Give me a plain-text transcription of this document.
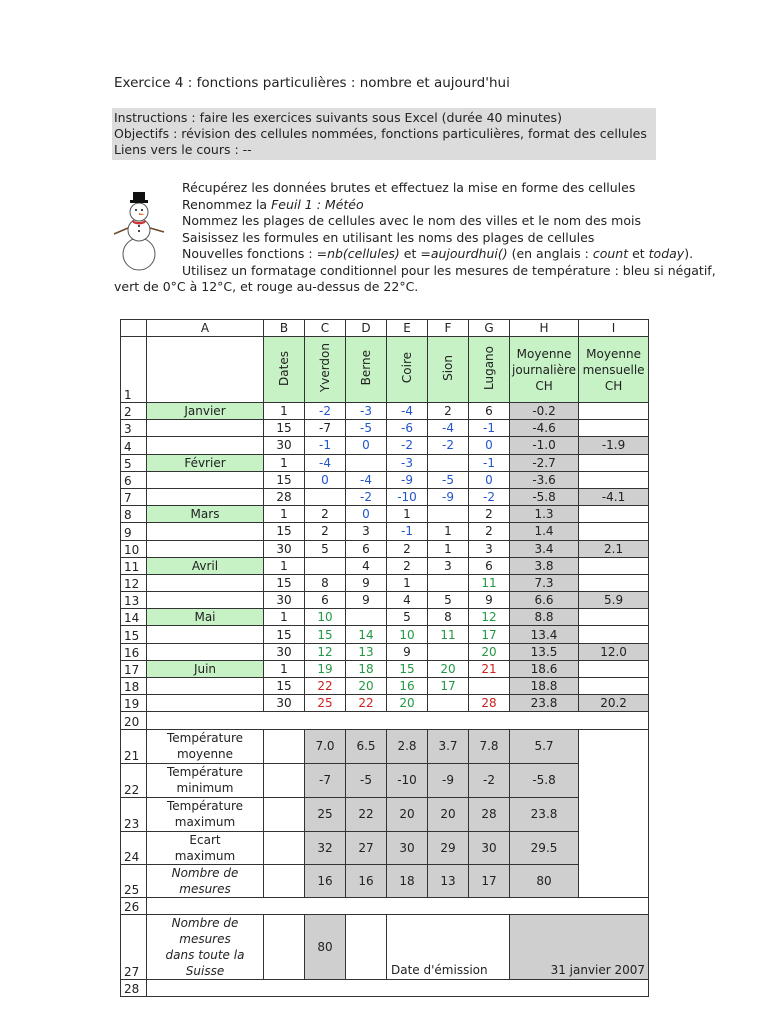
Exercice 4 : fonctions particulières : nombre et aujourd'hui
Instructions : faire les exercices suivants sous Excel (durée 40 minutes)
Objectifs : révision des cellules nommées, fonctions particulières, format des cellules
Liens vers le cours : --
Récupérez les données brutes et effectuez la mise en forme des cellules
Renommez la Feuil 1 : Météo
Nommez les plages de cellules avec le nom des villes et le nom des mois
Saisissez les formules en utilisant les noms des plages de cellules
Nouvelles fonctions : =nb(cellules) et =aujourdhui() (en anglais : count et today).
Utilisez un formatage conditionnel pour les mesures de température : bleu si négatif,
vert de 0°C à 12°C, et rouge au-dessus de 22°C.
	A	B	C	D	E	F	G	H	I
1		Dates	Yverdon	Berne	Coire	Sion	Lugano	Moyenne journalière CH	Moyenne mensuelle CH
2	Janvier	1	-2	-3	-4	2	6	-0.2	
3		15	-7	-5	-6	-4	-1	-4.6	
4		30	-1	0	-2	-2	0	-1.0	-1.9
5	Février	1	-4		-3		-1	-2.7	
6		15	0	-4	-9	-5	0	-3.6	
7		28		-2	-10	-9	-2	-5.8	-4.1
8	Mars	1	2	0	1		2	1.3	
9		15	2	3	-1	1	2	1.4	
10		30	5	6	2	1	3	3.4	2.1
11	Avril	1		4	2	3	6	3.8	
12		15	8	9	1		11	7.3	
13		30	6	9	4	5	9	6.6	5.9
14	Mai	1	10		5	8	12	8.8	
15		15	15	14	10	11	17	13.4	
16		30	12	13	9		20	13.5	12.0
17	Juin	1	19	18	15	20	21	18.6	
18		15	22	20	16	17		18.8	
19		30	25	22	20		28	23.8	20.2
20									
21	Température moyenne		7.0	6.5	2.8	3.7	7.8	5.7	
22	Température minimum		-7	-5	-10	-9	-2	-5.8	
23	Température maximum		25	22	20	20	28	23.8	
24	Ecart maximum		32	27	30	29	30	29.5	
25	Nombre de mesures		16	16	18	13	17	80	
26									
27	Nombre de mesures
dans toute la Suisse		80		Date d'émission			31 janvier 2007	
28									
